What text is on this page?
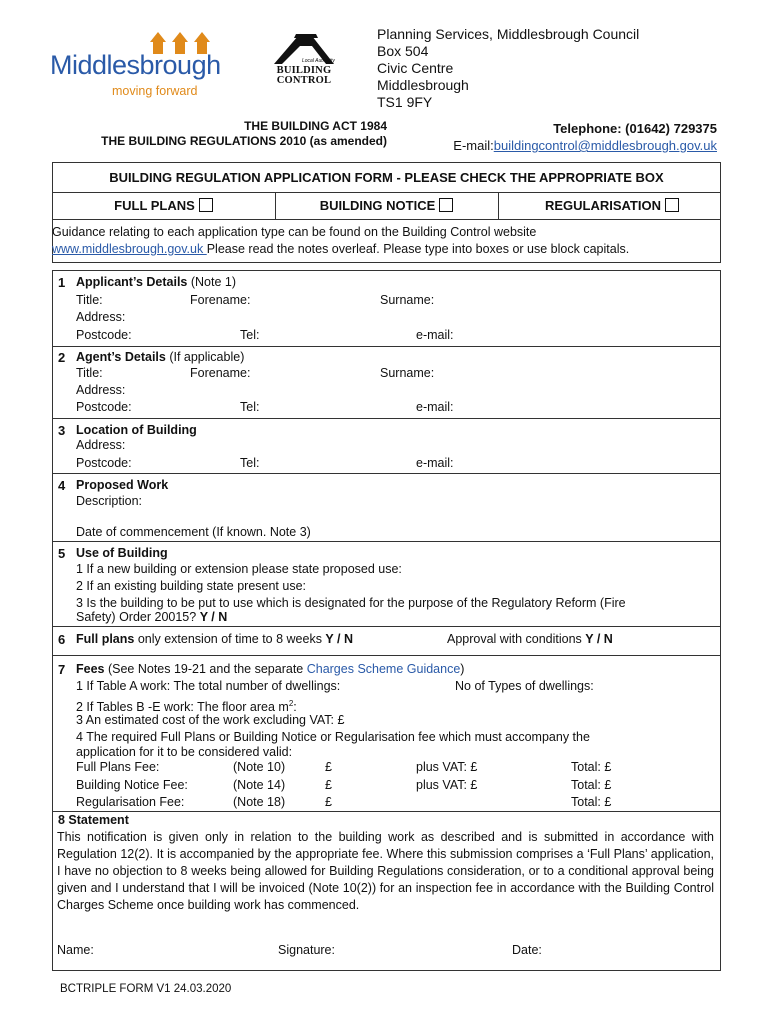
Middlesbrough
moving forward
Local Authority
BUILDING
CONTROL
Planning Services, Middlesbrough Council
Box 504
Civic Centre
Middlesbrough
TS1 9FY
THE BUILDING ACT 1984
THE BUILDING REGULATIONS 2010 (as amended)
Telephone: (01642) 729375
E-mail:buildingcontrol@middlesbrough.gov.uk
BUILDING REGULATION APPLICATION FORM - PLEASE CHECK THE APPROPRIATE BOX
FULL PLANS	BUILDING NOTICE	REGULARISATION
Guidance relating to each application type can be found on the Building Control website
www.middlesbrough.gov.uk Please read the notes overleaf. Please type into boxes or use block capitals.
1 Applicant’s Details (Note 1)
Title:	Forename:	Surname:
Address:
Postcode:	Tel:	e-mail:
2 Agent’s Details (If applicable)
Title:	Forename:	Surname:
Address:
Postcode:	Tel:	e-mail:
3 Location of Building
Address:
Postcode:	Tel:	e-mail:
4 Proposed Work
Description:
Date of commencement (If known. Note 3)
5 Use of Building
1 If a new building or extension please state proposed use:
2 If an existing building state present use:
3 Is the building to be put to use which is designated for the purpose of the Regulatory Reform (Fire
Safety) Order 20015? Y / N
6 Full plans only extension of time to 8 weeks Y / N	Approval with conditions Y / N
7 Fees (See Notes 19-21 and the separate Charges Scheme Guidance)
1 If Table A work: The total number of dwellings:	No of Types of dwellings:
2 If Tables B -E work: The floor area $m^2$:
3 An estimated cost of the work excluding VAT: £
4 The required Full Plans or Building Notice or Regularisation fee which must accompany the
application for it to be considered valid:
Full Plans Fee:	(Note 10)	£	plus VAT: £	Total: £
Building Notice Fee:	(Note 14)	£	plus VAT: £	Total: £
Regularisation Fee:	(Note 18)	£	Total: £
8 Statement
This notification is given only in relation to the building work as described and is submitted in accordance with Regulation 12(2). It is accompanied by the appropriate fee. Where this submission comprises a ‘Full Plans’ application, I have no objection to 8 weeks being allowed for Building Regulations consideration, or to a conditional approval being given and I understand that I will be invoiced (Note 10(2)) for an inspection fee in accordance with the Building Control Charges Scheme once building work has commenced.
Name:	Signature:	Date:
BCTRIPLE FORM V1 24.03.2020
